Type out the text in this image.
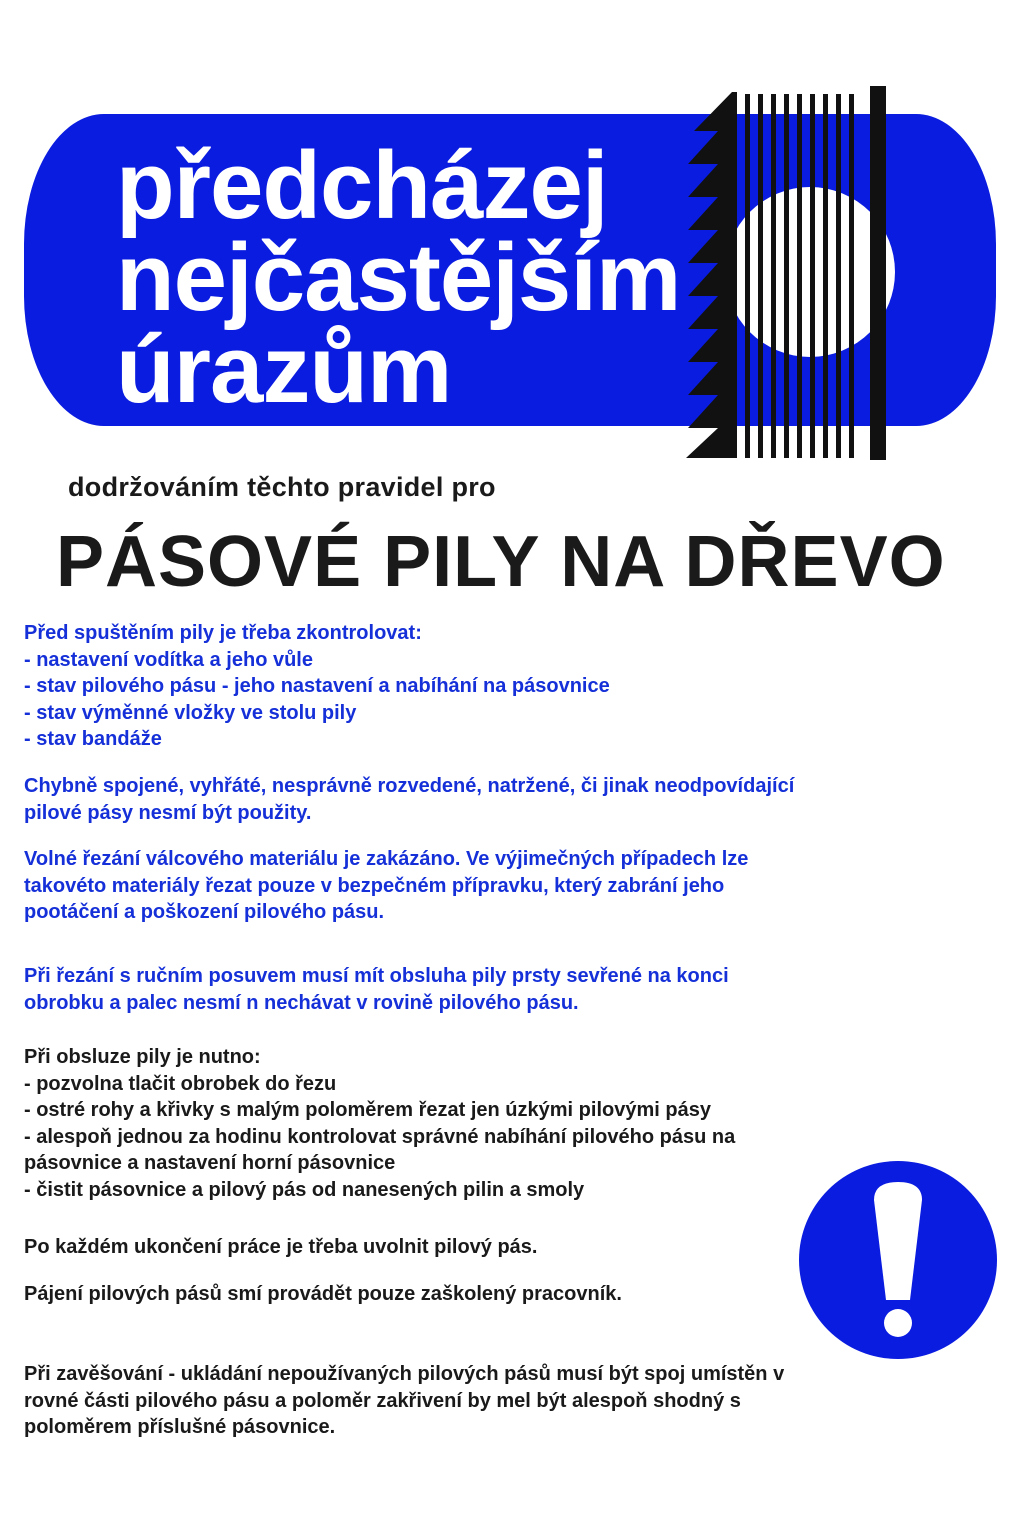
předcházej
nejčastějším
úrazům

dodržováním těchto pravidel pro

PÁSOVÉ PILY NA DŘEVO

Před spuštěním pily je třeba zkontrolovat:
- nastavení vodítka a jeho vůle
- stav pilového pásu - jeho nastavení a nabíhání na pásovnice
- stav výměnné vložky ve stolu pily
- stav bandáže

Chybně spojené, vyhřáté, nesprávně rozvedené, natržené, či jinak neodpovídající
pilové pásy nesmí být použity.

Volné řezání válcového materiálu je zakázáno. Ve výjimečných případech lze
takovéto materiály řezat pouze v bezpečném přípravku, který zabrání jeho
pootáčení a poškození pilového pásu.

Při řezání s ručním posuvem musí mít obsluha pily prsty sevřené na konci
obrobku a palec nesmí n nechávat v rovině pilového pásu.

Při obsluze pily je nutno:
- pozvolna tlačit obrobek do řezu
- ostré rohy a křivky s malým poloměrem řezat jen úzkými pilovými pásy
- alespoň jednou za hodinu kontrolovat správné nabíhání pilového pásu na
pásovnice a nastavení horní pásovnice
- čistit pásovnice a pilový pás od nanesených pilin a smoly

Po každém ukončení práce je třeba uvolnit pilový pás.

Pájení pilových pásů smí provádět pouze zaškolený pracovník.

Při zavěšování - ukládání nepoužívaných pilových pásů musí být spoj umístěn v
rovné části pilového pásu a poloměr zakřivení by mel být alespoň shodný s
poloměrem příslušné pásovnice.
